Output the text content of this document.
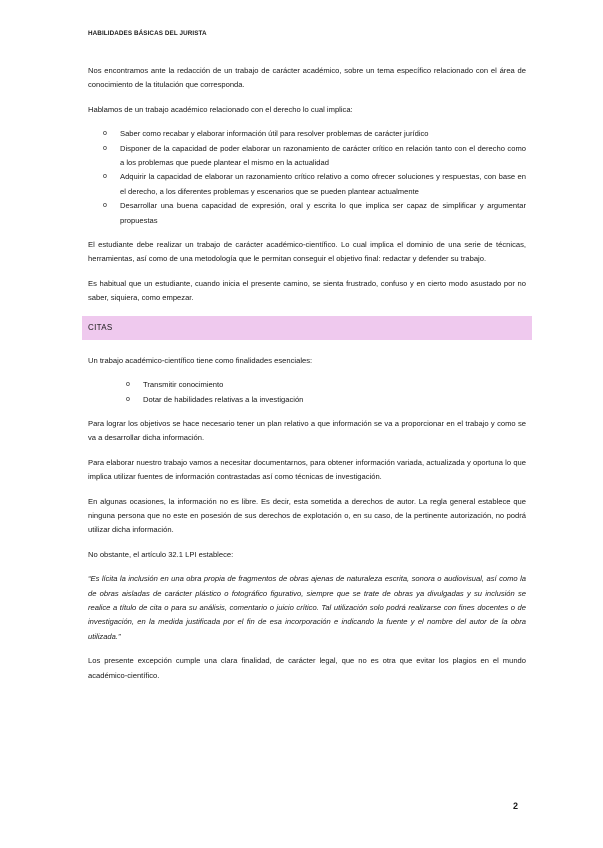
HABILIDADES BÁSICAS DEL JURISTA

Nos encontramos ante la redacción de un trabajo de carácter académico, sobre un tema específico relacionado con el área de conocimiento de la titulación que corresponda.

Hablamos de un trabajo académico relacionado con el derecho lo cual implica:

o Saber como recabar y elaborar información útil para resolver problemas de carácter jurídico
o Disponer de la capacidad de poder elaborar un razonamiento de carácter crítico en relación tanto con el derecho como a los problemas que puede plantear el mismo en la actualidad
o Adquirir la capacidad de elaborar un razonamiento crítico relativo a como ofrecer soluciones y respuestas, con base en el derecho, a los diferentes problemas y escenarios que se pueden plantear actualmente
o Desarrollar una buena capacidad de expresión, oral y escrita lo que implica ser capaz de simplificar y argumentar propuestas

El estudiante debe realizar un trabajo de carácter académico-científico. Lo cual implica el dominio de una serie de técnicas, herramientas, así como de una metodología que le permitan conseguir el objetivo final: redactar y defender su trabajo.

Es habitual que un estudiante, cuando inicia el presente camino, se sienta frustrado, confuso y en cierto modo asustado por no saber, siquiera, como empezar.

CITAS

Un trabajo académico-científico tiene como finalidades esenciales:

o Transmitir conocimiento
o Dotar de habilidades relativas a la investigación

Para lograr los objetivos se hace necesario tener un plan relativo a que información se va a proporcionar en el trabajo y como se va a desarrollar dicha información.

Para elaborar nuestro trabajo vamos a necesitar documentarnos, para obtener información variada, actualizada y oportuna lo que implica utilizar fuentes de información contrastadas así como técnicas de investigación.

En algunas ocasiones, la información no es libre. Es decir, esta sometida a derechos de autor. La regla general establece que ninguna persona que no este en posesión de sus derechos de explotación o, en su caso, de la pertinente autorización, no podrá utilizar dicha información.

No obstante, el artículo 32.1 LPI establece:

“Es lícita la inclusión en una obra propia de fragmentos de obras ajenas de naturaleza escrita, sonora o audiovisual, así como la de obras aisladas de carácter plástico o fotográfico figurativo, siempre que se trate de obras ya divulgadas y su inclusión se realice a título de cita o para su análisis, comentario o juicio crítico. Tal utilización solo podrá realizarse con fines docentes o de investigación, en la medida justificada por el fin de esa incorporación e indicando la fuente y el nombre del autor de la obra utilizada.”

Los presente excepción cumple una clara finalidad, de carácter legal, que no es otra que evitar los plagios en el mundo académico-científico.

2
